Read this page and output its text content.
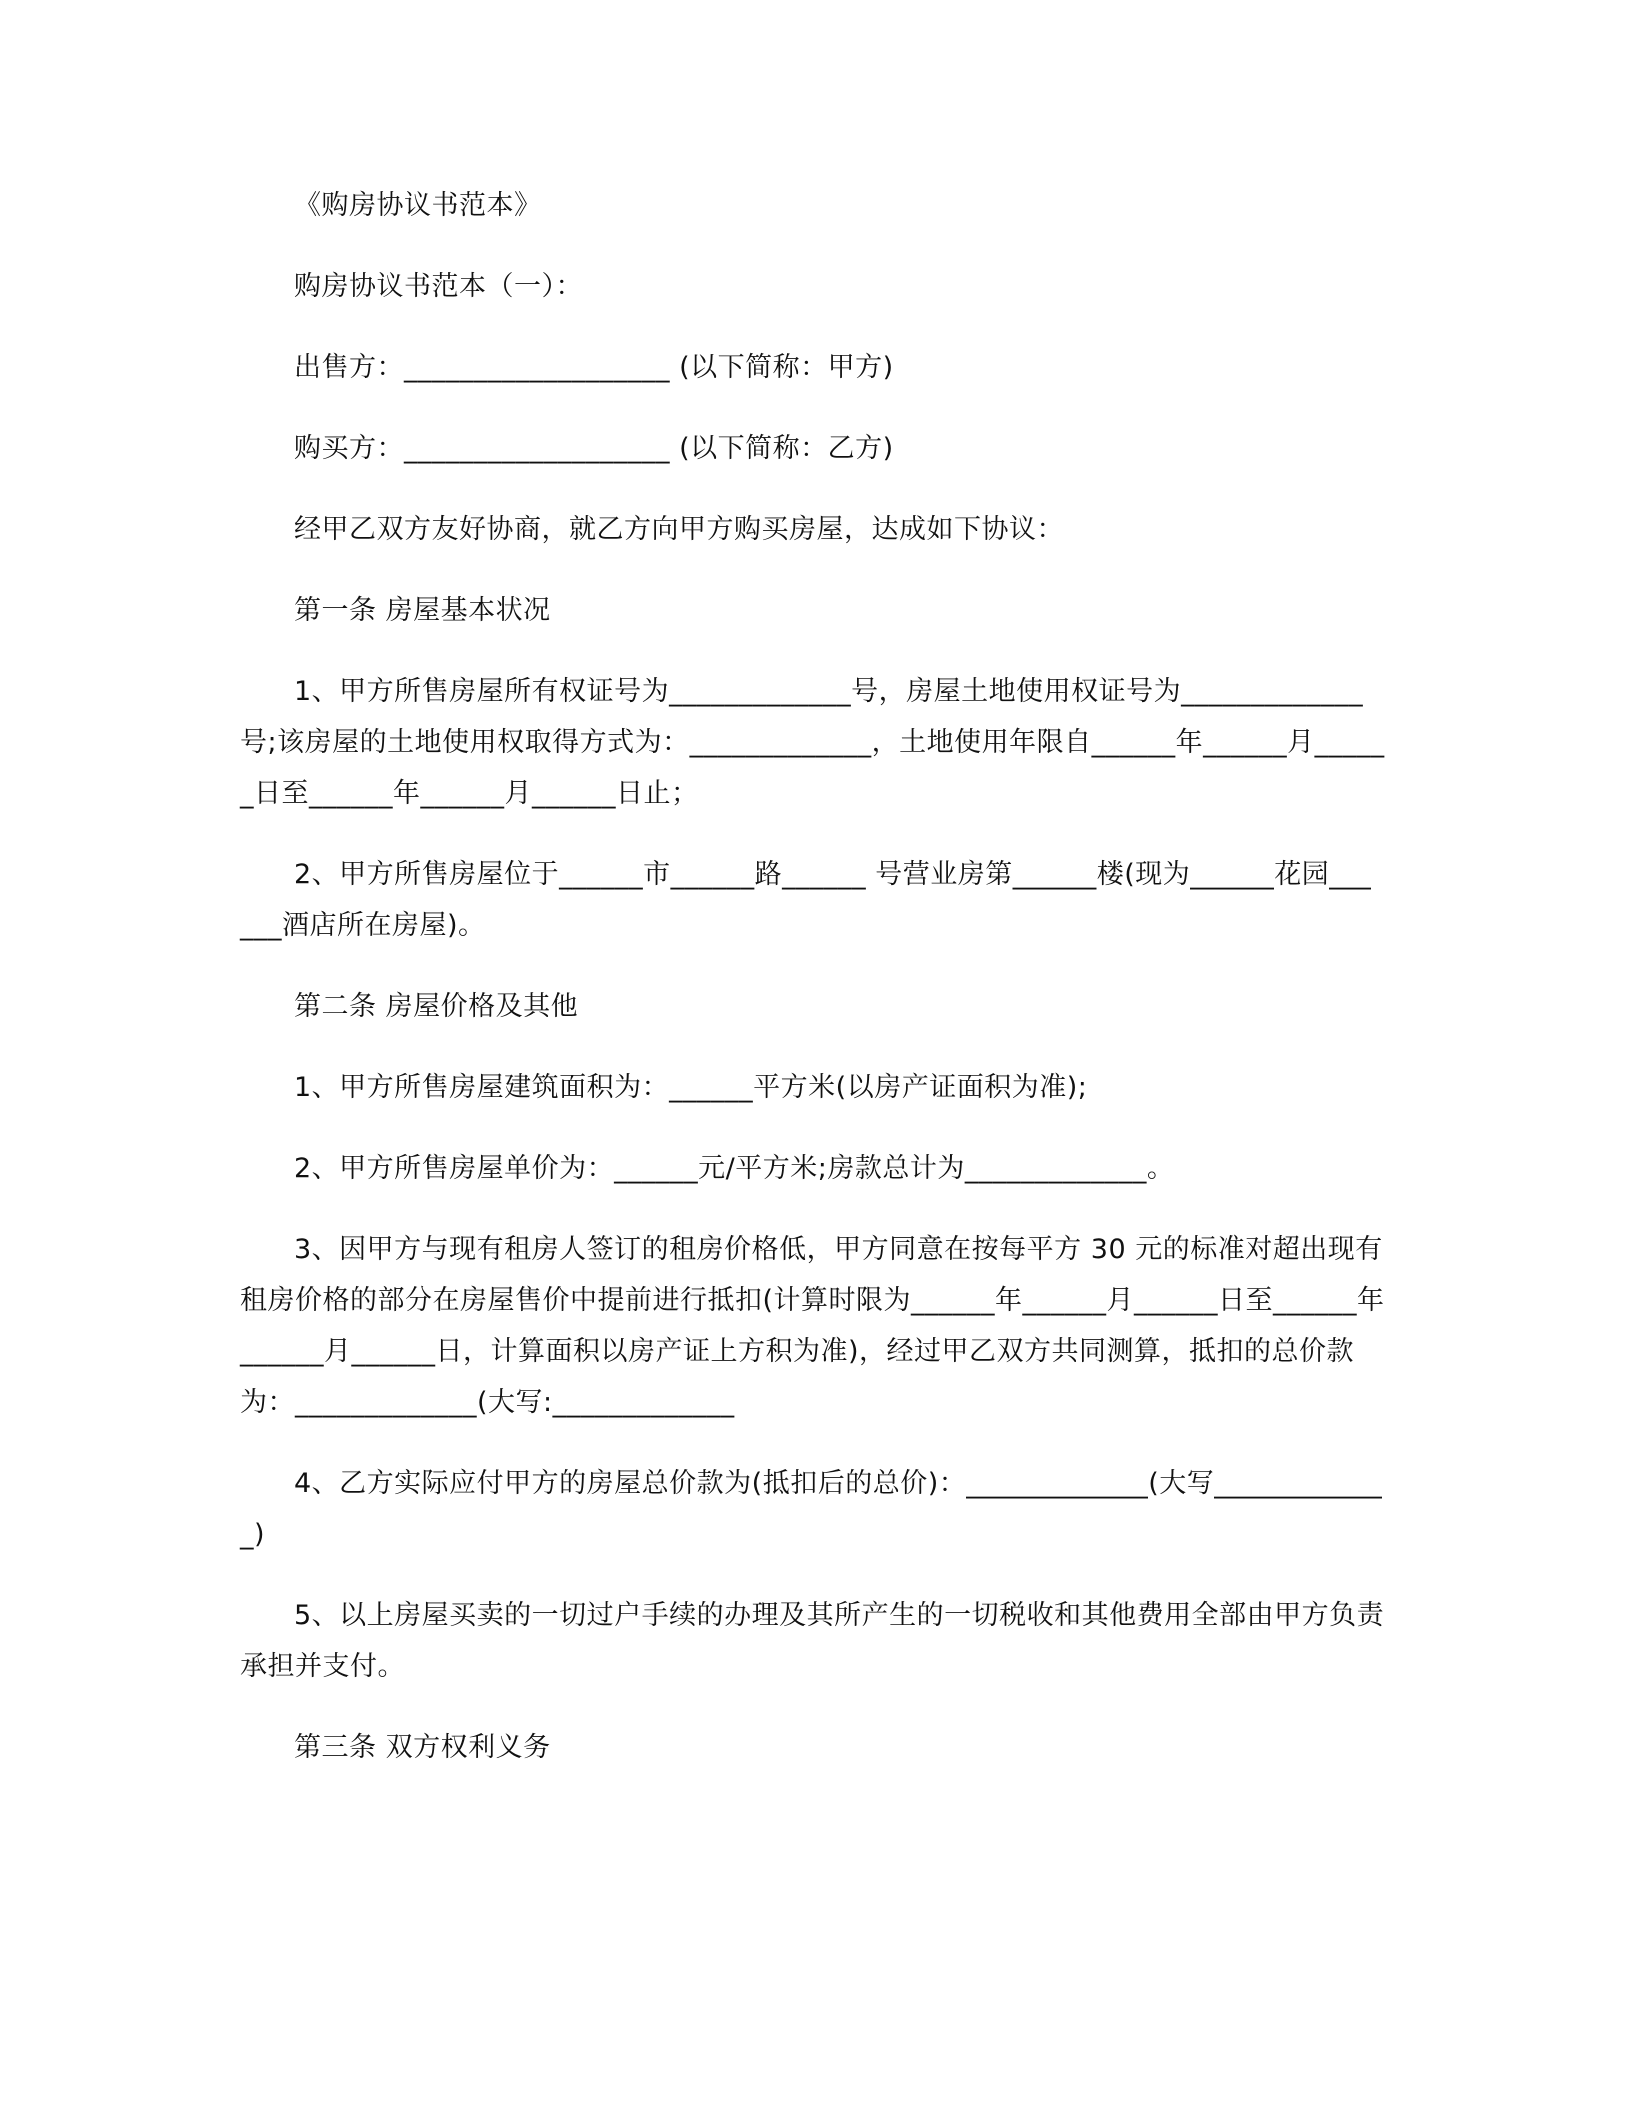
《购房协议书范本》

购房协议书范本（一）：

出售方：___________________ (以下简称：甲方)

购买方：___________________ (以下简称：乙方)

经甲乙双方友好协商，就乙方向甲方购买房屋，达成如下协议：

第一条 房屋基本状况

1、甲方所售房屋所有权证号为_____________号，房屋土地使用权证号为_____________号;该房屋的土地使用权取得方式为：_____________，土地使用年限自______年______月______日至______年______月______日止；

2、甲方所售房屋位于______市______路______ 号营业房第______楼(现为______花园______酒店所在房屋)。

第二条 房屋价格及其他

1、甲方所售房屋建筑面积为：______平方米(以房产证面积为准);

2、甲方所售房屋单价为：______元/平方米;房款总计为_____________。

3、因甲方与现有租房人签订的租房价格低，甲方同意在按每平方 30 元的标准对超出现有租房价格的部分在房屋售价中提前进行抵扣(计算时限为______年______月______日至______年______月______日，计算面积以房产证上方积为准)，经过甲乙双方共同测算，抵扣的总价款为：_____________(大写:_____________

4、乙方实际应付甲方的房屋总价款为(抵扣后的总价)：_____________(大写_____________)

5、以上房屋买卖的一切过户手续的办理及其所产生的一切税收和其他费用全部由甲方负责承担并支付。

第三条 双方权利义务
